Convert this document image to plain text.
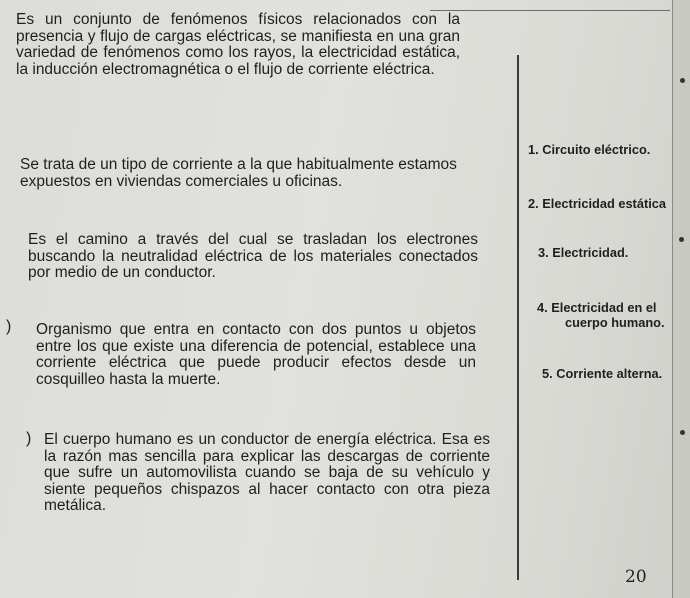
Es un conjunto de fenómenos físicos relacionados con la presencia y flujo de cargas eléctricas, se manifiesta en una gran variedad de fenómenos como los rayos, la electricidad estática, la inducción electromagnética o el flujo de corriente eléctrica.
Se trata de un tipo de corriente a la que habitualmente estamos expuestos en viviendas comerciales u oficinas.
Es el camino a través del cual se trasladan los electrones buscando la neutralidad eléctrica de los materiales conectados por medio de un conductor.
) Organismo que entra en contacto con dos puntos u objetos entre los que existe una diferencia de potencial, establece una corriente eléctrica que puede producir efectos desde un cosquilleo hasta la muerte.
) El cuerpo humano es un conductor de energía eléctrica. Esa es la razón mas sencilla para explicar las descargas de corriente que sufre un automovilista cuando se baja de su vehículo y siente pequeños chispazos al hacer contacto con otra pieza metálica.
1. Circuito eléctrico.
2. Electricidad estática
3. Electricidad.
4. Electricidad en el
cuerpo humano.
5. Corriente alterna.
20
